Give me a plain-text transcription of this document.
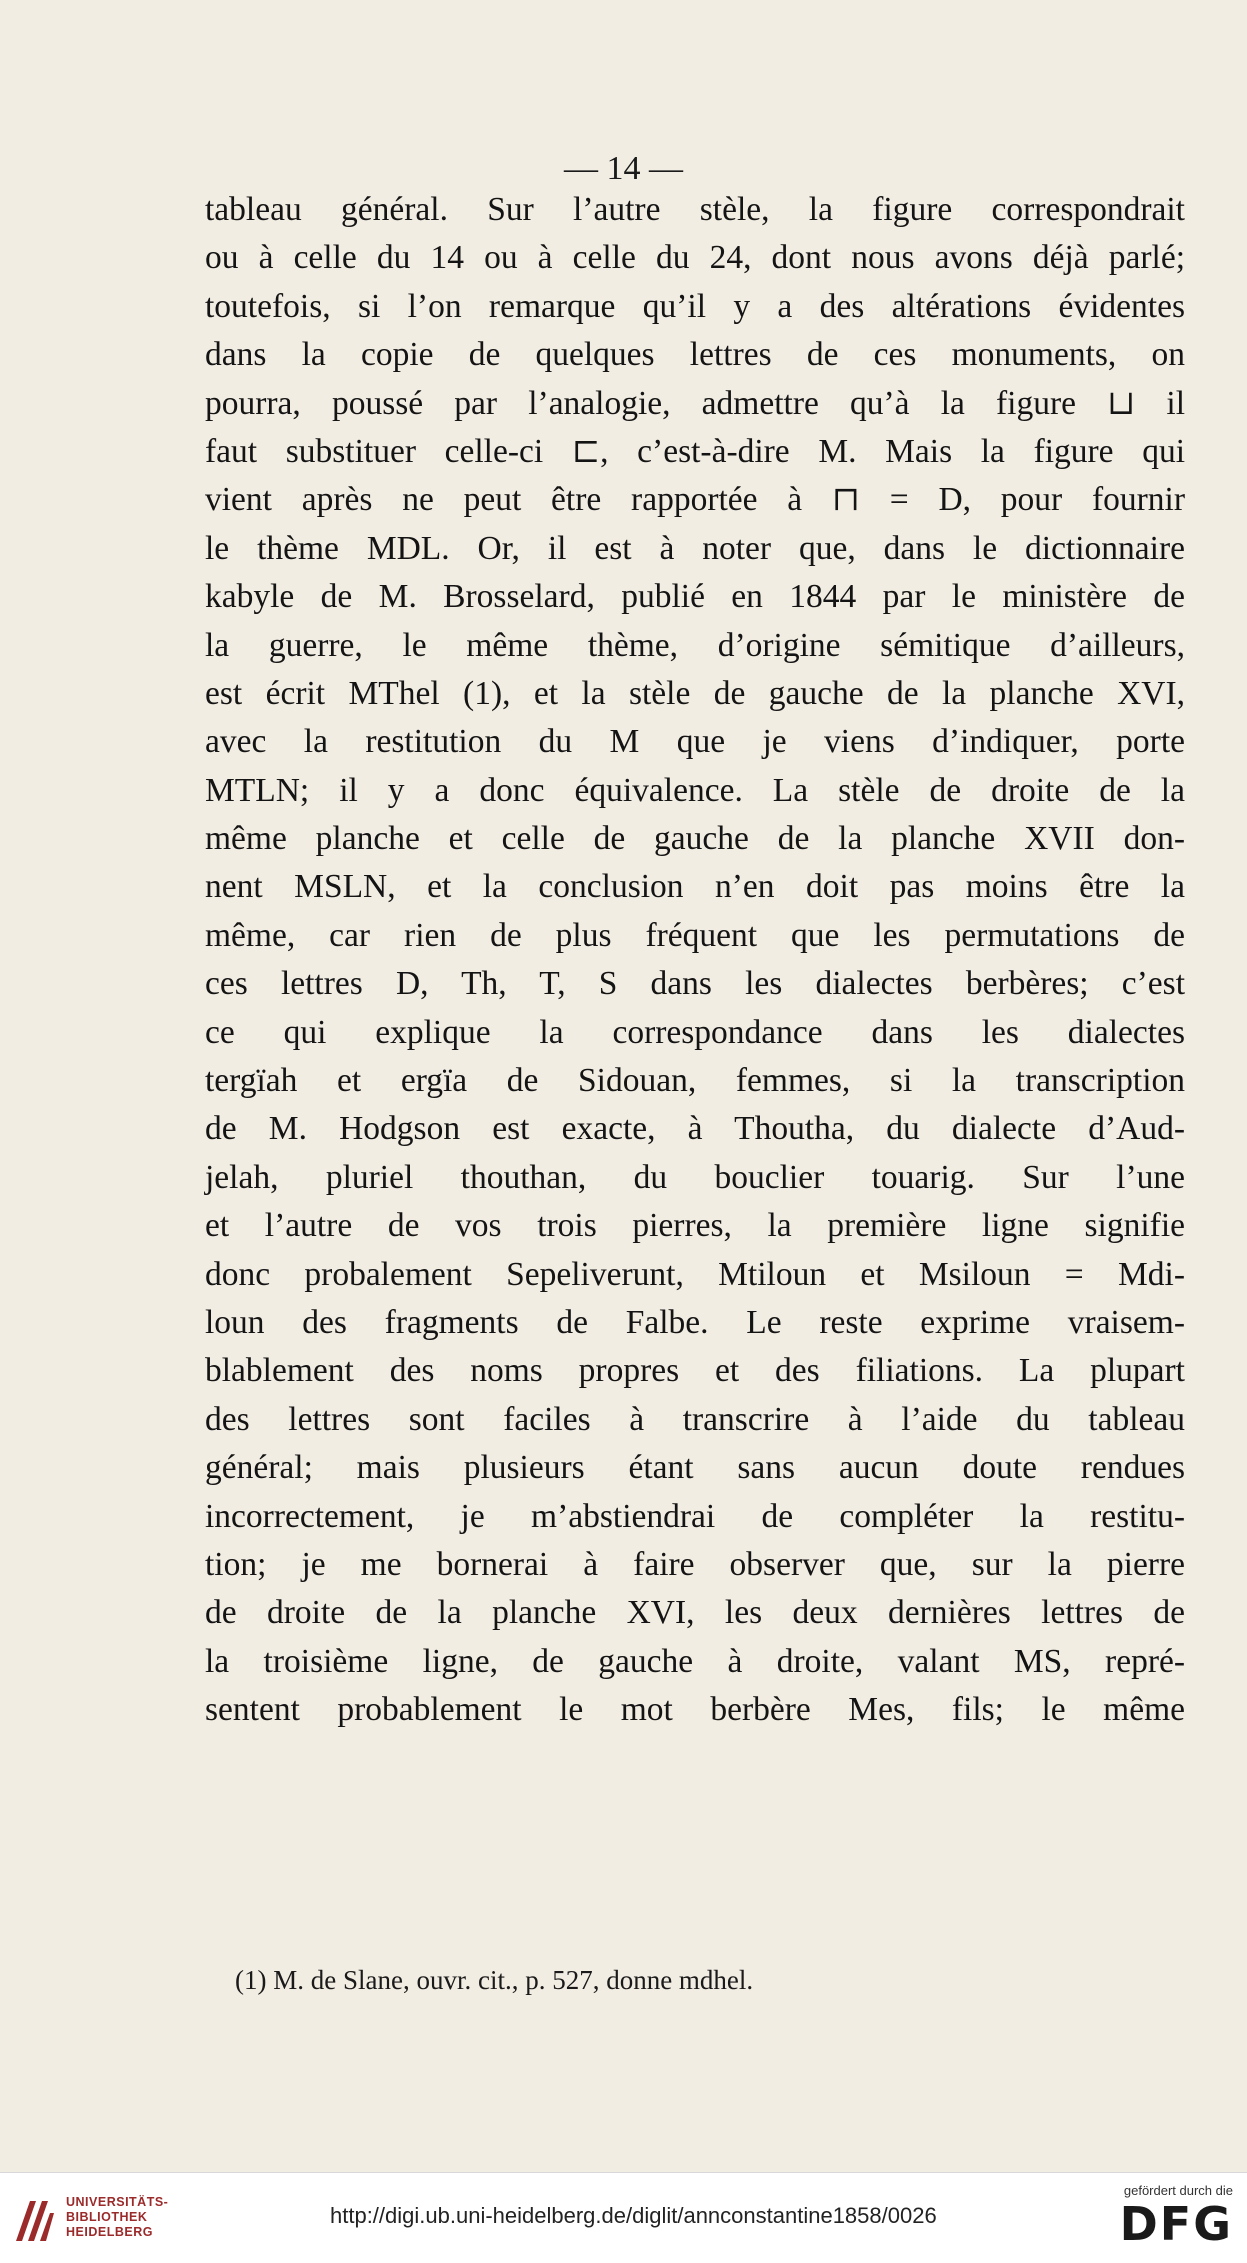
— 14 —
tableau général. Sur l’autre stèle, la figure correspondrait
ou à celle du 14 ou à celle du 24, dont nous avons déjà parlé;
toutefois, si l’on remarque qu’il y a des altérations évidentes
dans la copie de quelques lettres de ces monuments, on
pourra, poussé par l’analogie, admettre qu’à la figure ⊔ il
faut substituer celle-ci ⊏, c’est-à-dire M. Mais la figure qui
vient après ne peut être rapportée à ⊓ = D, pour fournir
le thème MDL. Or, il est à noter que, dans le dictionnaire
kabyle de M. Brosselard, publié en 1844 par le ministère de
la guerre, le même thème, d’origine sémitique d’ailleurs,
est écrit MThel (1), et la stèle de gauche de la planche XVI,
avec la restitution du M que je viens d’indiquer, porte
MTLN; il y a donc équivalence. La stèle de droite de la
même planche et celle de gauche de la planche XVII don-
nent MSLN, et la conclusion n’en doit pas moins être la
même, car rien de plus fréquent que les permutations de
ces lettres D, Th, T, S dans les dialectes berbères; c’est
ce qui explique la correspondance dans les dialectes
tergïah et ergïa de Sidouan, femmes, si la transcription
de M. Hodgson est exacte, à Thoutha, du dialecte d’Aud-
jelah, pluriel thouthan, du bouclier touarig. Sur l’une
et l’autre de vos trois pierres, la première ligne signifie
donc probalement Sepeliverunt, Mtiloun et Msiloun = Mdi-
loun des fragments de Falbe. Le reste exprime vraisem-
blablement des noms propres et des filiations. La plupart
des lettres sont faciles à transcrire à l’aide du tableau
général; mais plusieurs étant sans aucun doute rendues
incorrectement, je m’abstiendrai de compléter la restitu-
tion; je me bornerai à faire observer que, sur la pierre
de droite de la planche XVI, les deux dernières lettres de
la troisième ligne, de gauche à droite, valant MS, repré-
sentent probablement le mot berbère Mes, fils; le même
(1) M. de Slane, ouvr. cit., p. 527, donne mdhel.
UNIVERSITÄTS-
BIBLIOTHEK
HEIDELBERG
http://digi.ub.uni-heidelberg.de/diglit/annconstantine1858/0026
gefördert durch die
DFG
